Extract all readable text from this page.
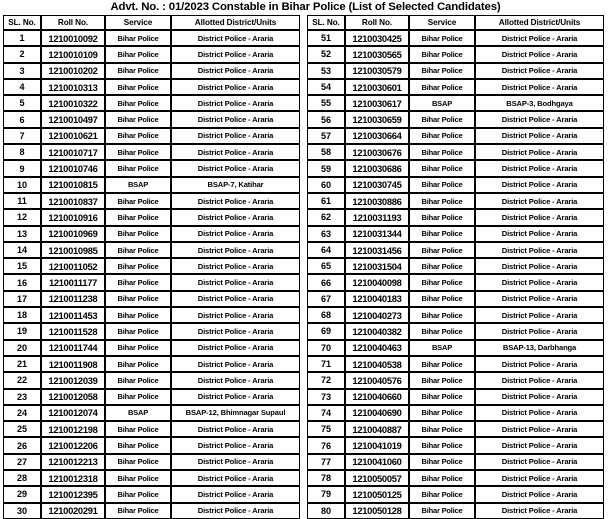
Advt. No. : 01/2023 Constable in Bihar Police (List of Selected Candidates)
SL. No.	Roll No.	Service	Allotted District/Units
1	1210010092	Bihar Police	District Police - Araria
2	1210010109	Bihar Police	District Police - Araria
3	1210010202	Bihar Police	District Police - Araria
4	1210010313	Bihar Police	District Police - Araria
5	1210010322	Bihar Police	District Police - Araria
6	1210010497	Bihar Police	District Police - Araria
7	1210010621	Bihar Police	District Police - Araria
8	1210010717	Bihar Police	District Police - Araria
9	1210010746	Bihar Police	District Police - Araria
10	1210010815	BSAP	BSAP-7, Katihar
11	1210010837	Bihar Police	District Police - Araria
12	1210010916	Bihar Police	District Police - Araria
13	1210010969	Bihar Police	District Police - Araria
14	1210010985	Bihar Police	District Police - Araria
15	1210011052	Bihar Police	District Police - Araria
16	1210011177	Bihar Police	District Police - Araria
17	1210011238	Bihar Police	District Police - Araria
18	1210011453	Bihar Police	District Police - Araria
19	1210011528	Bihar Police	District Police - Araria
20	1210011744	Bihar Police	District Police - Araria
21	1210011908	Bihar Police	District Police - Araria
22	1210012039	Bihar Police	District Police - Araria
23	1210012058	Bihar Police	District Police - Araria
24	1210012074	BSAP	BSAP-12, Bhimnagar Supaul
25	1210012198	Bihar Police	District Police - Araria
26	1210012206	Bihar Police	District Police - Araria
27	1210012213	Bihar Police	District Police - Araria
28	1210012318	Bihar Police	District Police - Araria
29	1210012395	Bihar Police	District Police - Araria
30	1210020291	Bihar Police	District Police - Araria
SL. No.	Roll No.	Service	Allotted District/Units
51	1210030425	Bihar Police	District Police - Araria
52	1210030565	Bihar Police	District Police - Araria
53	1210030579	Bihar Police	District Police - Araria
54	1210030601	Bihar Police	District Police - Araria
55	1210030617	BSAP	BSAP-3, Bodhgaya
56	1210030659	Bihar Police	District Police - Araria
57	1210030664	Bihar Police	District Police - Araria
58	1210030676	Bihar Police	District Police - Araria
59	1210030686	Bihar Police	District Police - Araria
60	1210030745	Bihar Police	District Police - Araria
61	1210030886	Bihar Police	District Police - Araria
62	1210031193	Bihar Police	District Police - Araria
63	1210031344	Bihar Police	District Police - Araria
64	1210031456	Bihar Police	District Police - Araria
65	1210031504	Bihar Police	District Police - Araria
66	1210040098	Bihar Police	District Police - Araria
67	1210040183	Bihar Police	District Police - Araria
68	1210040273	Bihar Police	District Police - Araria
69	1210040382	Bihar Police	District Police - Araria
70	1210040463	BSAP	BSAP-13, Darbhanga
71	1210040538	Bihar Police	District Police - Araria
72	1210040576	Bihar Police	District Police - Araria
73	1210040660	Bihar Police	District Police - Araria
74	1210040690	Bihar Police	District Police - Araria
75	1210040887	Bihar Police	District Police - Araria
76	1210041019	Bihar Police	District Police - Araria
77	1210041060	Bihar Police	District Police - Araria
78	1210050057	Bihar Police	District Police - Araria
79	1210050125	Bihar Police	District Police - Araria
80	1210050128	Bihar Police	District Police - Araria
